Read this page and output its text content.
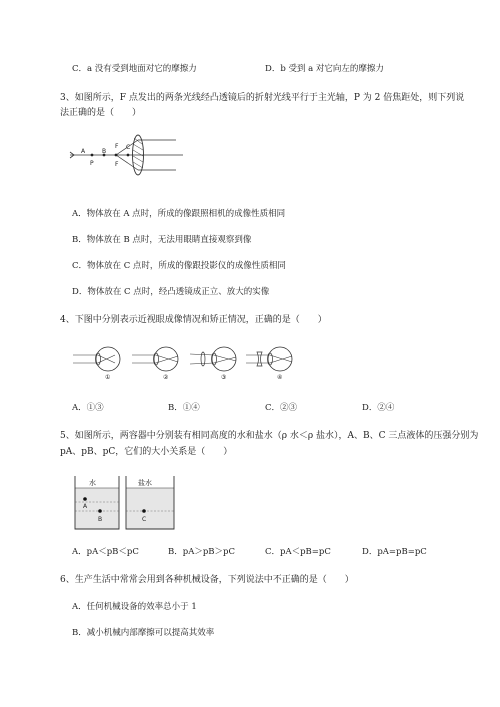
C．a 没有受到地面对它的摩擦力	D．b 受到 a 对它向左的摩擦力
3、如图所示，F 点发出的两条光线经凸透镜后的折射光线平行于主光轴，P 为 2 倍焦距处，则下列说
法正确的是（　　）
A
P
B
F
F
C
A．物体放在 A 点时，所成的像跟照相机的成像性质相同
B．物体放在 B 点时，无法用眼睛直接观察到像
C．物体放在 C 点时，所成的像跟投影仪的成像性质相同
D．物体放在 C 点时，经凸透镜成正立、放大的实像
4、下图中分别表示近视眼成像情况和矫正情况，正确的是（　　）
①	②	③	④
A．①③	B．①④	C．②③	D．②④
5、如图所示，两容器中分别装有相同高度的水和盐水（ρ 水＜ρ 盐水），A、B、C 三点液体的压强分别为
pA、pB、pC，它们的大小关系是（　　）
水
A
B
盐水
C
A．pA＜pB＜pC	B．pA＞pB＞pC	C．pA＜pB=pC	D．pA=pB=pC
6、生产生活中常常会用到各种机械设备，下列说法中不正确的是（　　）
A．任何机械设备的效率总小于 1
B．减小机械内部摩擦可以提高其效率
